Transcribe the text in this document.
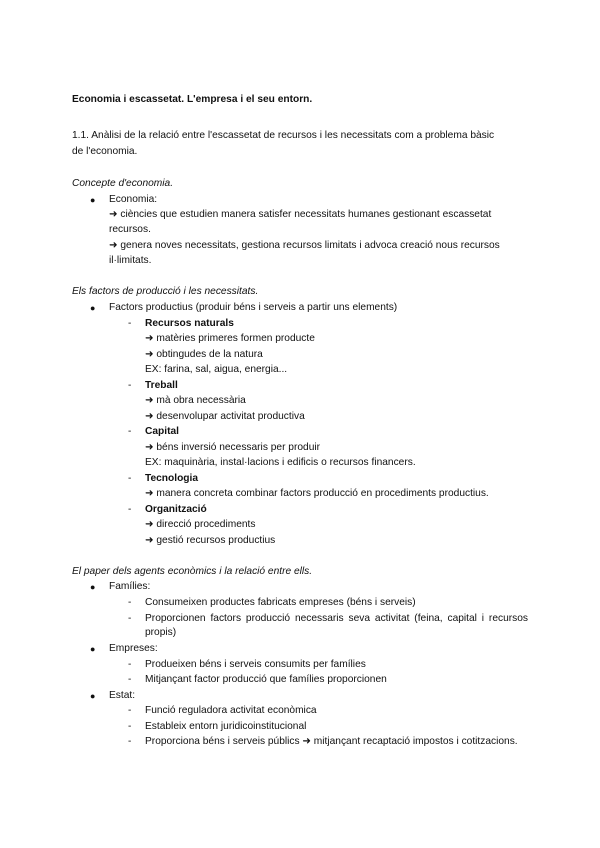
Economia i escassetat. L'empresa i el seu entorn.
1.1. Anàlisi de la relació entre l'escassetat de recursos i les necessitats com a problema bàsic
de l'economia.
Concepte d'economia.
● Economia:
➜ ciències que estudien manera satisfer necessitats humanes gestionant escassetat
recursos.
➜ genera noves necessitats, gestiona recursos limitats i advoca creació nous recursos
il·limitats.
Els factors de producció i les necessitats.
● Factors productius (produir béns i serveis a partir uns elements)
- Recursos naturals
➜ matèries primeres formen producte
➜ obtingudes de la natura
EX: farina, sal, aigua, energia...
- Treball
➜ mà obra necessària
➜ desenvolupar activitat productiva
- Capital
➜ béns inversió necessaris per produir
EX: maquinària, instal·lacions i edificis o recursos financers.
- Tecnologia
➜ manera concreta combinar factors producció en procediments productius.
- Organització
➜ direcció procediments
➜ gestió recursos productius
El paper dels agents econòmics i la relació entre ells.
● Famílies:
- Consumeixen productes fabricats empreses (béns i serveis)
- Proporcionen factors producció necessaris seva activitat (feina, capital i recursos propis)
● Empreses:
- Produeixen béns i serveis consumits per famílies
- Mitjançant factor producció que famílies proporcionen
● Estat:
- Funció reguladora activitat econòmica
- Estableix entorn juridicoinstitucional
- Proporciona béns i serveis públics ➜ mitjançant recaptació impostos i cotitzacions.
